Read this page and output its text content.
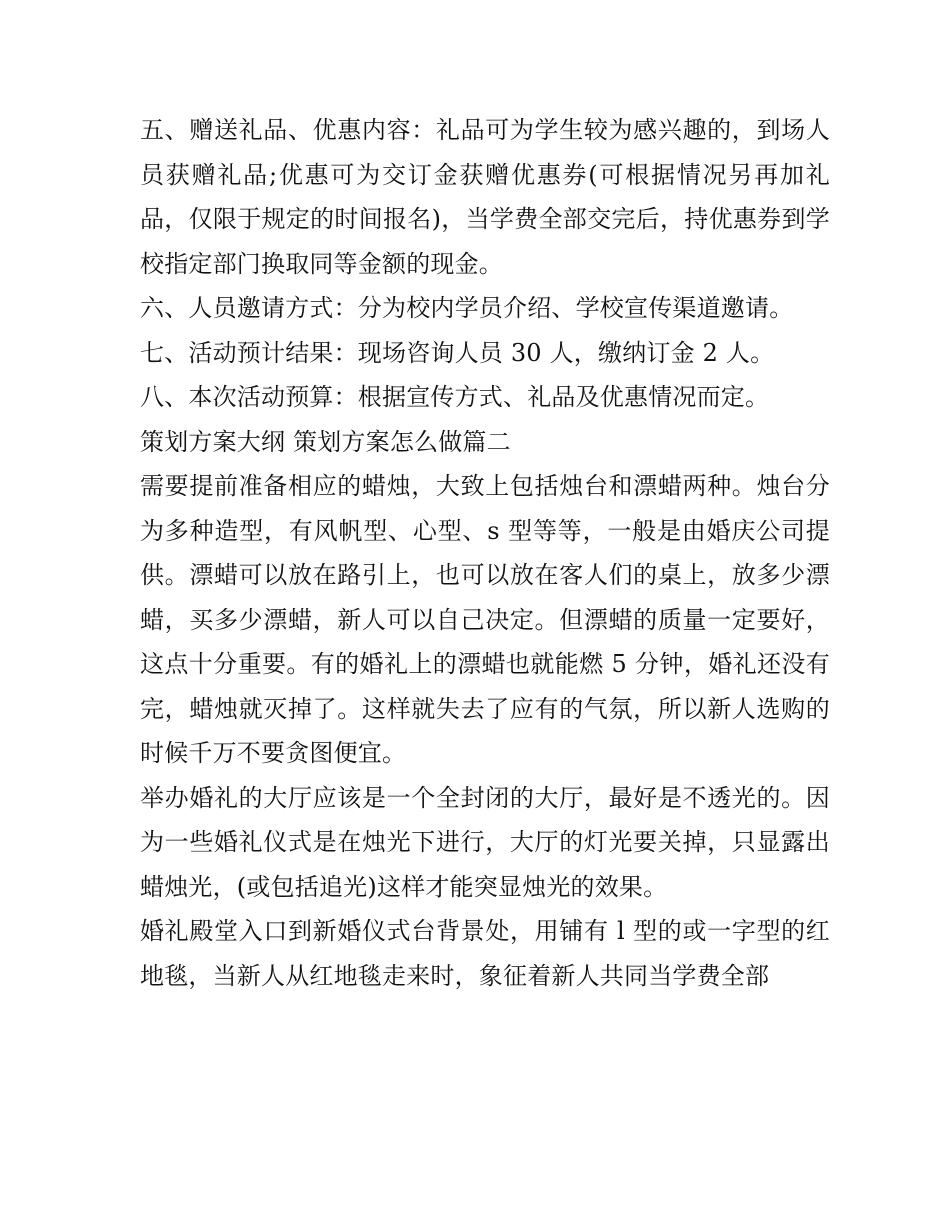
五、赠送礼品、优惠内容：礼品可为学生较为感兴趣的，到场人员获赠礼品;优惠可为交订金获赠优惠券(可根据情况另再加礼品，仅限于规定的时间报名)，当学费全部交完后，持优惠券到学校指定部门换取同等金额的现金。

六、人员邀请方式：分为校内学员介绍、学校宣传渠道邀请。

七、活动预计结果：现场咨询人员 30 人，缴纳订金 2 人。

八、本次活动预算：根据宣传方式、礼品及优惠情况而定。

策划方案大纲 策划方案怎么做篇二

需要提前准备相应的蜡烛，大致上包括烛台和漂蜡两种。烛台分为多种造型，有风帆型、心型、s 型等等，一般是由婚庆公司提供。漂蜡可以放在路引上，也可以放在客人们的桌上，放多少漂蜡，买多少漂蜡，新人可以自己决定。但漂蜡的质量一定要好，这点十分重要。有的婚礼上的漂蜡也就能燃 5 分钟，婚礼还没有完，蜡烛就灭掉了。这样就失去了应有的气氛，所以新人选购的时候千万不要贪图便宜。

举办婚礼的大厅应该是一个全封闭的大厅，最好是不透光的。因为一些婚礼仪式是在烛光下进行，大厅的灯光要关掉，只显露出蜡烛光，(或包括追光)这样才能突显烛光的效果。

婚礼殿堂入口到新婚仪式台背景处，用铺有 l 型的或一字型的红地毯，当新人从红地毯走来时，象征着新人共同当学费全部
